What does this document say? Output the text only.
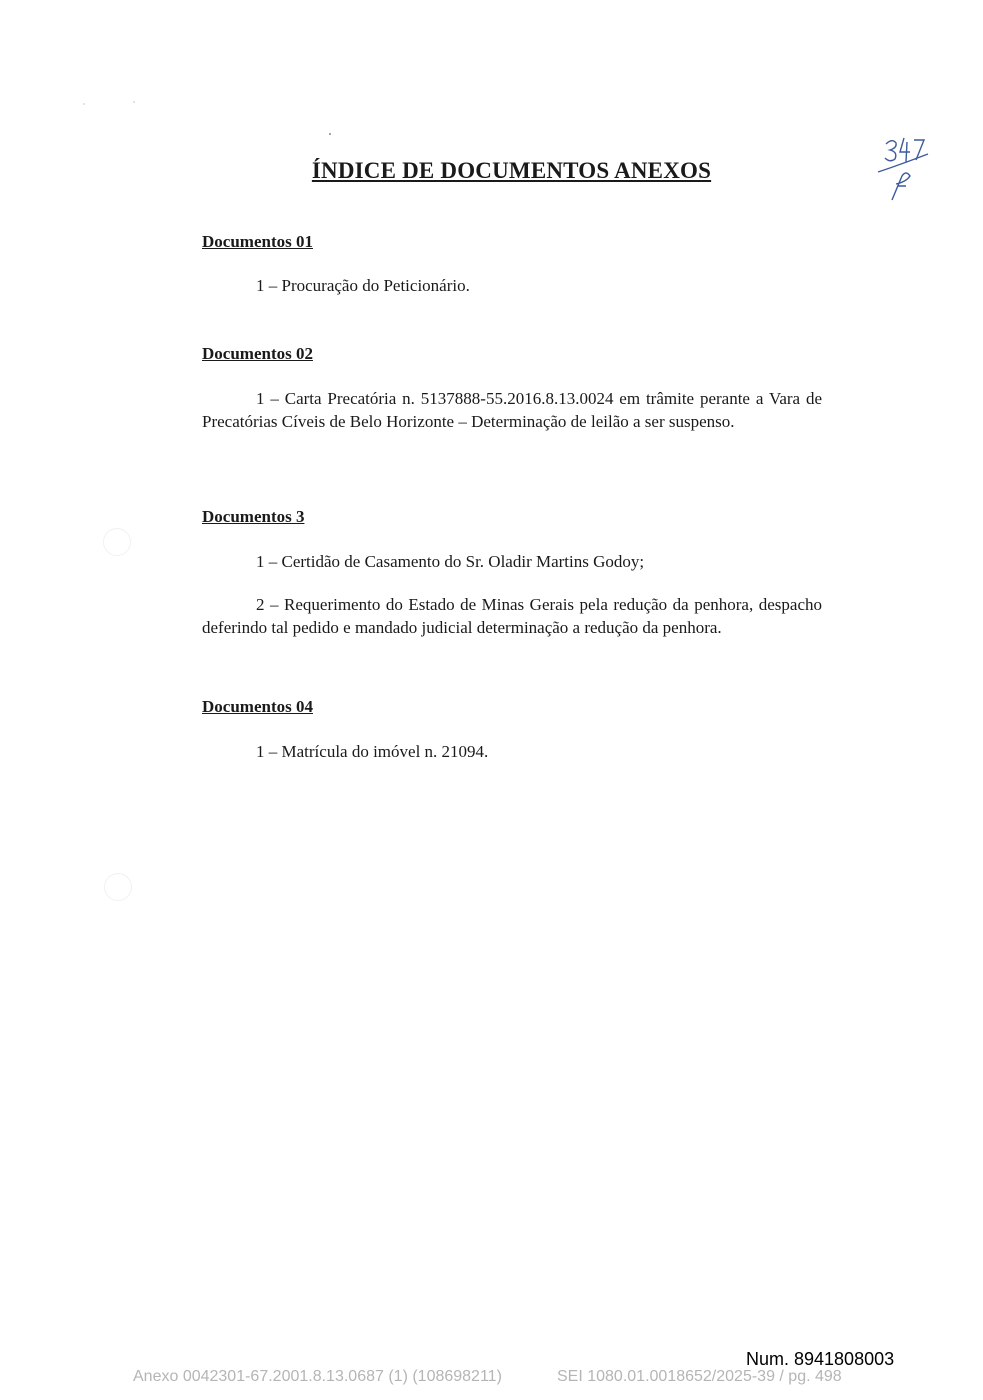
ÍNDICE DE DOCUMENTOS ANEXOS
Documentos 01
1 – Procuração do Peticionário.
Documentos 02
1 – Carta Precatória n. 5137888-55.2016.8.13.0024 em trâmite perante a Vara de Precatórias Cíveis de Belo Horizonte – Determinação de leilão a ser suspenso.
Documentos 3
1 – Certidão de Casamento do Sr. Oladir Martins Godoy;
2 – Requerimento do Estado de Minas Gerais pela redução da penhora, despacho deferindo tal pedido e mandado judicial determinação a redução da penhora.
Documentos 04
1 – Matrícula do imóvel n. 21094.
Num. 8941808003
Anexo 0042301-67.2001.8.13.0687 (1) (108698211)	SEI 1080.01.0018652/2025-39 / pg. 498
